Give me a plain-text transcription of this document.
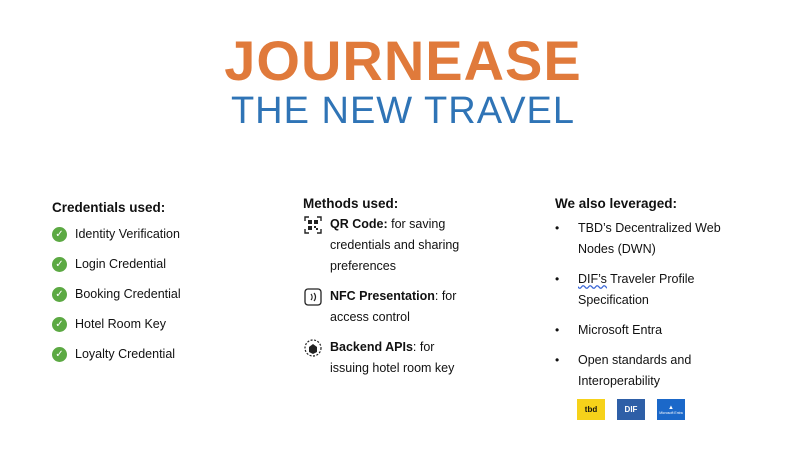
JOURNEASE
THE NEW TRAVEL
Credentials used:
✓ Identity Verification
✓ Login Credential
✓ Booking Credential
✓ Hotel Room Key
✓ Loyalty Credential
Methods used:
QR Code: for saving
credentials and sharing
preferences
NFC Presentation: for
access control
Backend APIs: for
issuing hotel room key
We also leveraged:
•	TBD’s Decentralized Web
Nodes (DWN)
•	DIF’s Traveler Profile
Specification
•	Microsoft Entra
•	Open standards and
Interoperability
tbd	DIF	▲
Microsoft Entra
